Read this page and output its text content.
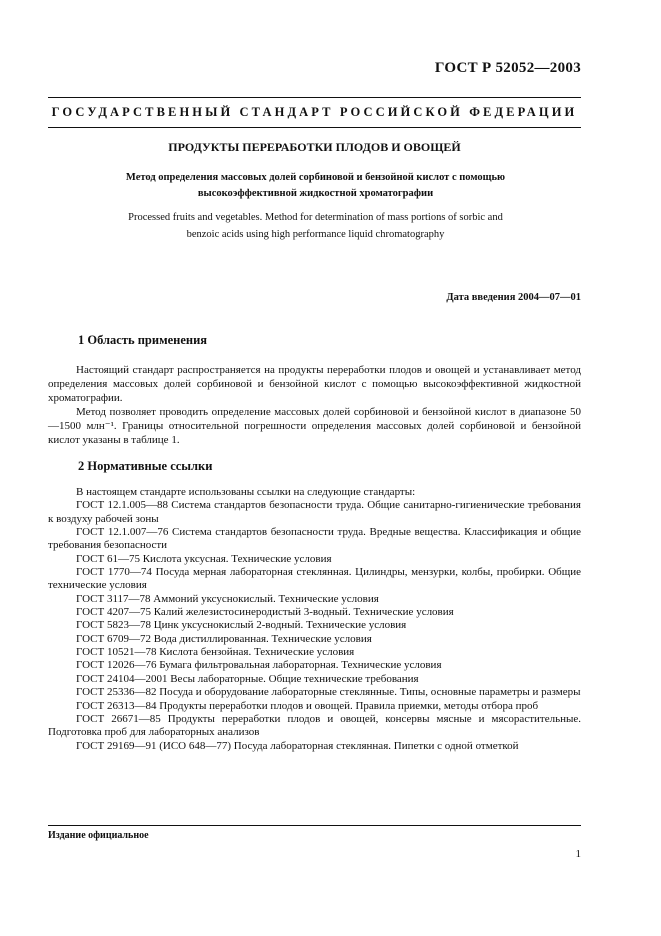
ГОСТ Р 52052—2003
ГОСУДАРСТВЕННЫЙ СТАНДАРТ РОССИЙСКОЙ ФЕДЕРАЦИИ
ПРОДУКТЫ ПЕРЕРАБОТКИ ПЛОДОВ И ОВОЩЕЙ
Метод определения массовых долей сорбиновой и бензойной кислот с помощью высокоэффективной жидкостной хроматографии
Processed fruits and vegetables. Method for determination of mass portions of sorbic and benzoic acids using high performance liquid chromatography
Дата введения 2004—07—01
1 Область применения
Настоящий стандарт распространяется на продукты переработки плодов и овощей и устанавливает метод определения массовых долей сорбиновой и бензойной кислот с помощью высокоэффективной жидкостной хроматографии.
Метод позволяет проводить определение массовых долей сорбиновой и бензойной кислот в диапазоне 50—1500 млн⁻¹. Границы относительной погрешности определения массовых долей сорбиновой и бензойной кислот указаны в таблице 1.
2 Нормативные ссылки

В настоящем стандарте использованы ссылки на следующие стандарты:

ГОСТ 12.1.005—88 Система стандартов безопасности труда. Общие санитарно-гигиенические требования к воздуху рабочей зоны

ГОСТ 12.1.007—76 Система стандартов безопасности труда. Вредные вещества. Классификация и общие требования безопасности

ГОСТ 61—75 Кислота уксусная. Технические условия

ГОСТ 1770—74 Посуда мерная лабораторная стеклянная. Цилиндры, мензурки, колбы, пробирки. Общие технические условия

ГОСТ 3117—78 Аммоний уксуснокислый. Технические условия

ГОСТ 4207—75 Калий железистосинеродистый 3-водный. Технические условия

ГОСТ 5823—78 Цинк уксуснокислый 2-водный. Технические условия

ГОСТ 6709—72 Вода дистиллированная. Технические условия

ГОСТ 10521—78 Кислота бензойная. Технические условия

ГОСТ 12026—76 Бумага фильтровальная лабораторная. Технические условия

ГОСТ 24104—2001 Весы лабораторные. Общие технические требования

ГОСТ 25336—82 Посуда и оборудование лабораторные стеклянные. Типы, основные параметры и размеры

ГОСТ 26313—84 Продукты переработки плодов и овощей. Правила приемки, методы отбора проб

ГОСТ 26671—85 Продукты переработки плодов и овощей, консервы мясные и мясорастительные. Подготовка проб для лабораторных анализов

ГОСТ 29169—91 (ИСО 648—77) Посуда лабораторная стеклянная. Пипетки с одной отметкой

Издание официальное
1
